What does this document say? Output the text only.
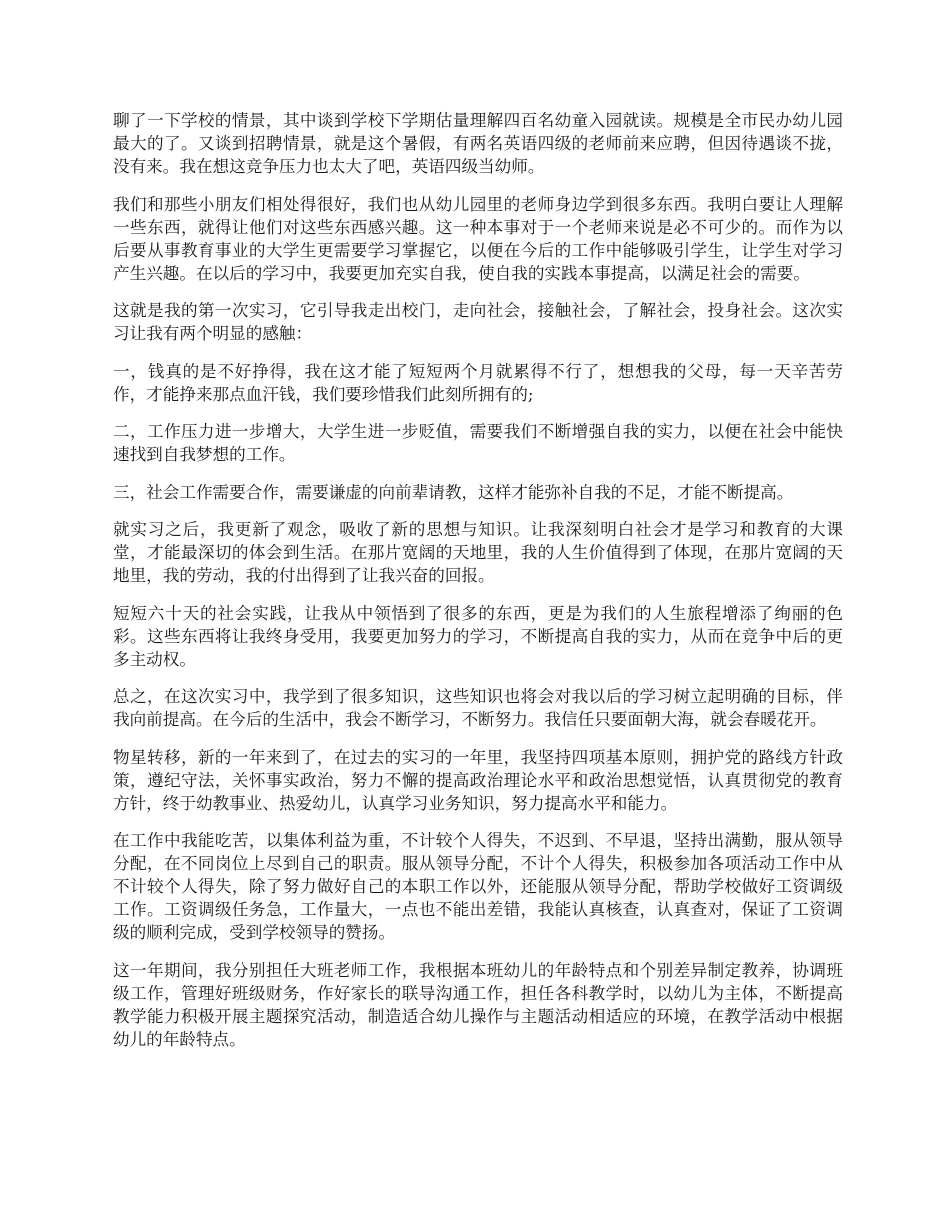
聊了一下学校的情景，其中谈到学校下学期估量理解四百名幼童入园就读。规模是全市民办幼儿园最大的了。又谈到招聘情景，就是这个暑假，有两名英语四级的老师前来应聘，但因待遇谈不拢，没有来。我在想这竞争压力也太大了吧，英语四级当幼师。

我们和那些小朋友们相处得很好，我们也从幼儿园里的老师身边学到很多东西。我明白要让人理解一些东西，就得让他们对这些东西感兴趣。这一种本事对于一个老师来说是必不可少的。而作为以后要从事教育事业的大学生更需要学习掌握它，以便在今后的工作中能够吸引学生，让学生对学习产生兴趣。在以后的学习中，我要更加充实自我，使自我的实践本事提高，以满足社会的需要。

这就是我的第一次实习，它引导我走出校门，走向社会，接触社会，了解社会，投身社会。这次实习让我有两个明显的感触：

一，钱真的是不好挣得，我在这才能了短短两个月就累得不行了，想想我的父母，每一天辛苦劳作，才能挣来那点血汗钱，我们要珍惜我们此刻所拥有的;

二，工作压力进一步增大，大学生进一步贬值，需要我们不断增强自我的实力，以便在社会中能快速找到自我梦想的工作。

三，社会工作需要合作，需要谦虚的向前辈请教，这样才能弥补自我的不足，才能不断提高。

就实习之后，我更新了观念，吸收了新的思想与知识。让我深刻明白社会才是学习和教育的大课堂，才能最深切的体会到生活。在那片宽阔的天地里，我的人生价值得到了体现，在那片宽阔的天地里，我的劳动，我的付出得到了让我兴奋的回报。

短短六十天的社会实践，让我从中领悟到了很多的东西，更是为我们的人生旅程增添了绚丽的色彩。这些东西将让我终身受用，我要更加努力的学习，不断提高自我的实力，从而在竞争中后的更多主动权。

总之，在这次实习中，我学到了很多知识，这些知识也将会对我以后的学习树立起明确的目标，伴我向前提高。在今后的生活中，我会不断学习，不断努力。我信任只要面朝大海，就会春暖花开。

物星转移，新的一年来到了，在过去的实习的一年里，我坚持四项基本原则，拥护党的路线方针政策，遵纪守法，关怀事实政治，努力不懈的提高政治理论水平和政治思想觉悟，认真贯彻党的教育方针，终于幼教事业、热爱幼儿，认真学习业务知识，努力提高水平和能力。

在工作中我能吃苦，以集体利益为重，不计较个人得失，不迟到、不早退，坚持出满勤，服从领导分配，在不同岗位上尽到自己的职责。服从领导分配，不计个人得失，积极参加各项活动工作中从不计较个人得失，除了努力做好自己的本职工作以外，还能服从领导分配，帮助学校做好工资调级工作。工资调级任务急，工作量大，一点也不能出差错，我能认真核查，认真查对，保证了工资调级的顺利完成，受到学校领导的赞扬。

这一年期间，我分别担任大班老师工作，我根据本班幼儿的年龄特点和个别差异制定教养，协调班级工作，管理好班级财务，作好家长的联导沟通工作，担任各科教学时，以幼儿为主体，不断提高教学能力积极开展主题探究活动，制造适合幼儿操作与主题活动相适应的环境，在教学活动中根据幼儿的年龄特点。
